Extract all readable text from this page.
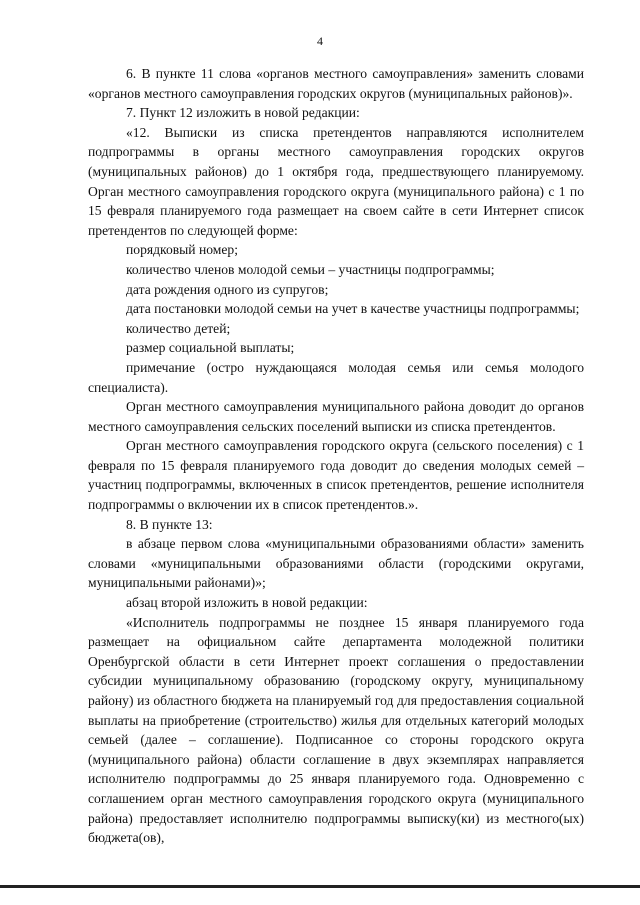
4

6. В пункте 11 слова «органов местного самоуправления» заменить словами «органов местного самоуправления городских округов (муниципальных районов)».

7. Пункт 12 изложить в новой редакции:

«12. Выписки из списка претендентов направляются исполнителем подпрограммы в органы местного самоуправления городских округов (муниципальных районов) до 1 октября года, предшествующего планируемому. Орган местного самоуправления городского округа (муниципального района) с 1 по 15 февраля планируемого года размещает на своем сайте в сети Интернет список претендентов по следующей форме:

порядковый номер;

количество членов молодой семьи – участницы подпрограммы;

дата рождения одного из супругов;

дата постановки молодой семьи на учет в качестве участницы подпрограммы;

количество детей;

размер социальной выплаты;

примечание (остро нуждающаяся молодая семья или семья молодого специалиста).

Орган местного самоуправления муниципального района доводит до органов местного самоуправления сельских поселений выписки из списка претендентов.

Орган местного самоуправления городского округа (сельского поселения) с 1 февраля по 15 февраля планируемого года доводит до сведения молодых семей – участниц подпрограммы, включенных в список претендентов, решение исполнителя подпрограммы о включении их в список претендентов.».

8. В пункте 13:

в абзаце первом слова «муниципальными образованиями области» заменить словами «муниципальными образованиями области (городскими округами, муниципальными районами)»;

абзац второй изложить в новой редакции:

«Исполнитель подпрограммы не позднее 15 января планируемого года размещает на официальном сайте департамента молодежной политики Оренбургской области в сети Интернет проект соглашения о предоставлении субсидии муниципальному образованию (городскому округу, муниципальному району) из областного бюджета на планируемый год для предоставления социальной выплаты на приобретение (строительство) жилья для отдельных категорий молодых семьей (далее – соглашение). Подписанное со стороны городского округа (муниципального района) области соглашение в двух экземплярах направляется исполнителю подпрограммы до 25 января планируемого года. Одновременно с соглашением орган местного самоуправления городского округа (муниципального района) предоставляет исполнителю подпрограммы выписку(ки) из местного(ых) бюджета(ов),
